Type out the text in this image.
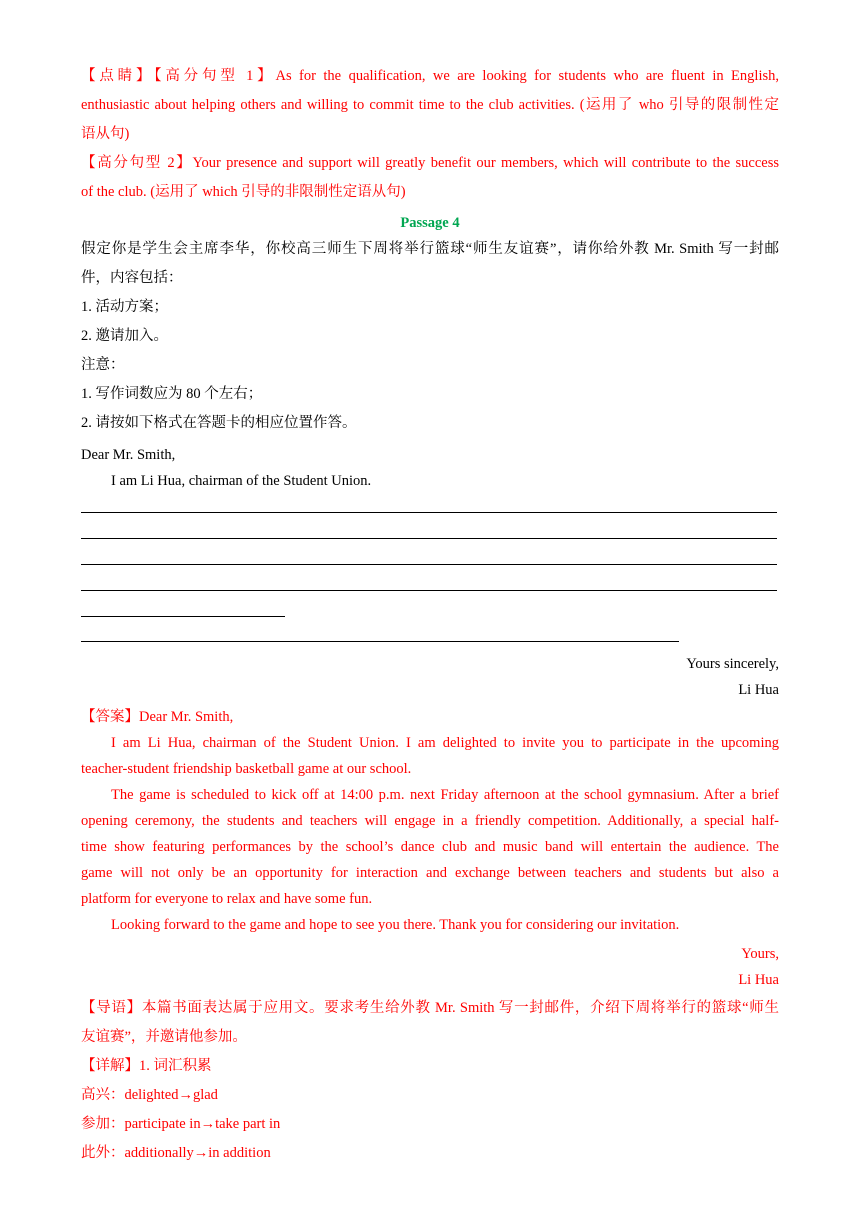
【点睛】【高分句型 1】As for the qualification, we are looking for students who are fluent in English,
enthusiastic about helping others and willing to commit time to the club activities. (运用了 who 引导的限制性定
语从句)
【高分句型 2】Your presence and support will greatly benefit our members, which will contribute to the success
of the club. (运用了 which 引导的非限制性定语从句)
Passage 4
假定你是学生会主席李华，你校高三师生下周将举行篮球“师生友谊赛”，请你给外教 Mr. Smith 写一封邮
件，内容包括：
1. 活动方案；
2. 邀请加入。
注意：
1. 写作词数应为 80 个左右；
2. 请按如下格式在答题卡的相应位置作答。
Dear Mr. Smith,
I am Li Hua, chairman of the Student Union.
Yours sincerely,
Li Hua
【答案】Dear Mr. Smith,
I am Li Hua, chairman of the Student Union. I am delighted to invite you to participate in the upcoming
teacher-student friendship basketball game at our school.
The game is scheduled to kick off at 14:00 p.m. next Friday afternoon at the school gymnasium. After a brief
opening ceremony, the students and teachers will engage in a friendly competition. Additionally, a special half-
time show featuring performances by the school’s dance club and music band will entertain the audience. The
game will not only be an opportunity for interaction and exchange between teachers and students but also a
platform for everyone to relax and have some fun.
Looking forward to the game and hope to see you there. Thank you for considering our invitation.
Yours,
Li Hua
【导语】本篇书面表达属于应用文。要求考生给外教 Mr. Smith 写一封邮件，介绍下周将举行的篮球“师生
友谊赛”，并邀请他参加。
【详解】1. 词汇积累
高兴：delighted→glad
参加：participate in→take part in
此外：additionally→in addition
